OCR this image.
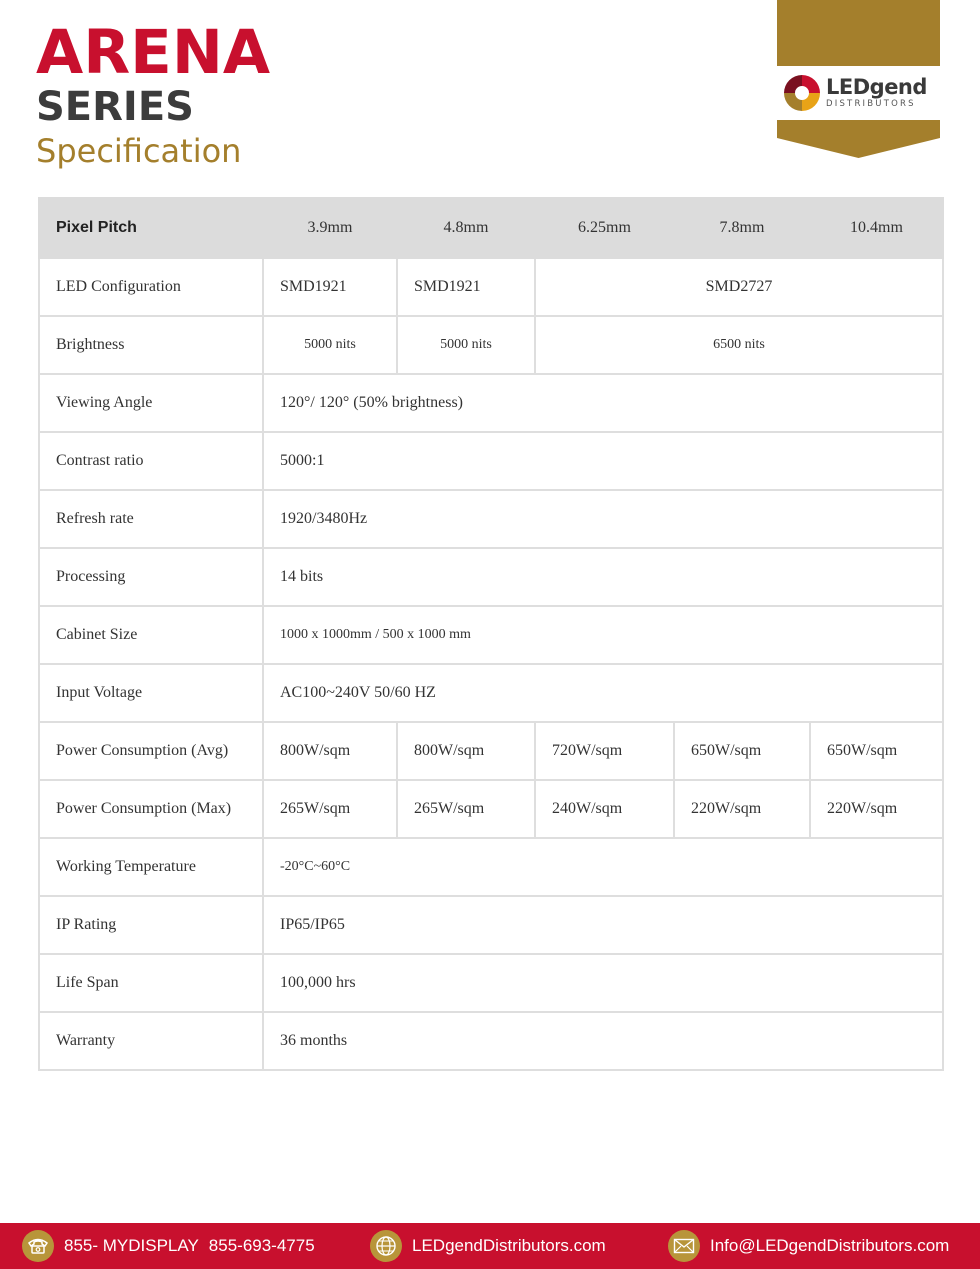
ARENA
SERIES
Specification
LEDgend
DISTRIBUTORS
Pixel Pitch	3.9mm	4.8mm	6.25mm	7.8mm	10.4mm
LED Configuration	SMD1921	SMD1921	SMD2727		
Brightness	5000 nits	5000 nits	6500 nits		
Viewing Angle	120°/ 120° (50% brightness)				
Contrast ratio	5000:1				
Refresh rate	1920/3480Hz				
Processing	14 bits				
Cabinet Size	1000 x 1000mm / 500 x 1000 mm				
Input Voltage	AC100~240V 50/60 HZ				
Power Consumption (Avg)	800W/sqm	800W/sqm	720W/sqm	650W/sqm	650W/sqm
Power Consumption (Max)	265W/sqm	265W/sqm	240W/sqm	220W/sqm	220W/sqm
Working Temperature	-20°C~60°C				
IP Rating	IP65/IP65				
Life Span	100,000 hrs				
Warranty	36 months				
855- MYDISPLAY 855-693-4775	LEDgendDistributors.com	Info@LEDgendDistributors.com
